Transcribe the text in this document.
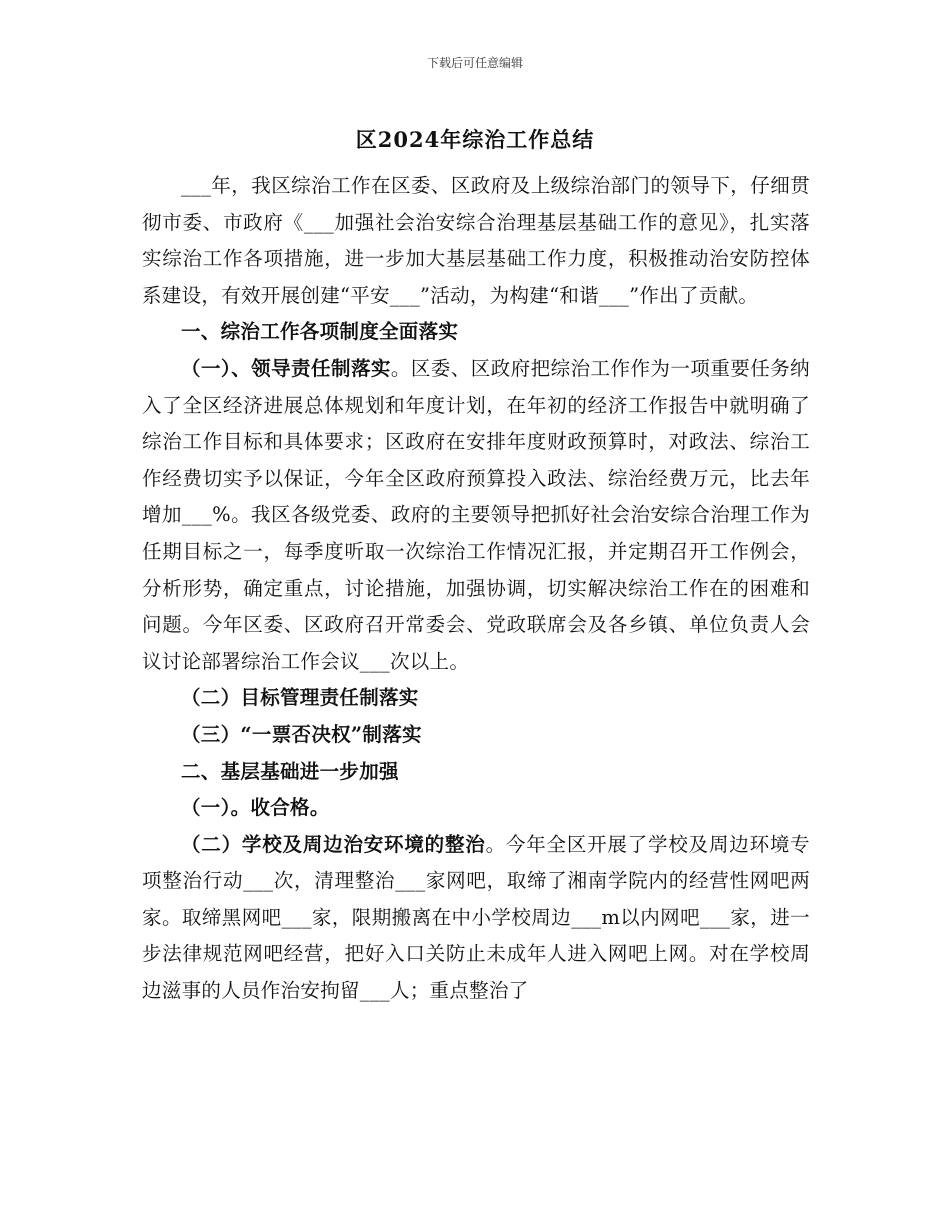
下载后可任意编辑
区2024年综治工作总结

___年，我区综治工作在区委、区政府及上级综治部门的领导下，仔细贯彻市委、市政府《___加强社会治安综合治理基层基础工作的意见》，扎实落实综治工作各项措施，进一步加大基层基础工作力度，积极推动治安防控体系建设，有效开展创建“平安___”活动，为构建“和谐___”作出了贡献。

一、综治工作各项制度全面落实

（一）、领导责任制落实。区委、区政府把综治工作作为一项重要任务纳入了全区经济进展总体规划和年度计划，在年初的经济工作报告中就明确了综治工作目标和具体要求；区政府在安排年度财政预算时，对政法、综治工作经费切实予以保证，今年全区政府预算投入政法、综治经费万元，比去年增加___%。我区各级党委、政府的主要领导把抓好社会治安综合治理工作为任期目标之一，每季度听取一次综治工作情况汇报，并定期召开工作例会，分析形势，确定重点，讨论措施，加强协调，切实解决综治工作在的困难和问题。今年区委、区政府召开常委会、党政联席会及各乡镇、单位负责人会议讨论部署综治工作会议___次以上。

（二）目标管理责任制落实

（三）“一票否决权”制落实

二、基层基础进一步加强

（一）。收合格。

（二）学校及周边治安环境的整治。今年全区开展了学校及周边环境专项整治行动___次，清理整治___家网吧，取缔了湘南学院内的经营性网吧两家。取缔黑网吧___家，限期搬离在中小学校周边___m以内网吧___家，进一步法律规范网吧经营，把好入口关防止未成年人进入网吧上网。对在学校周边滋事的人员作治安拘留___人；重点整治了
